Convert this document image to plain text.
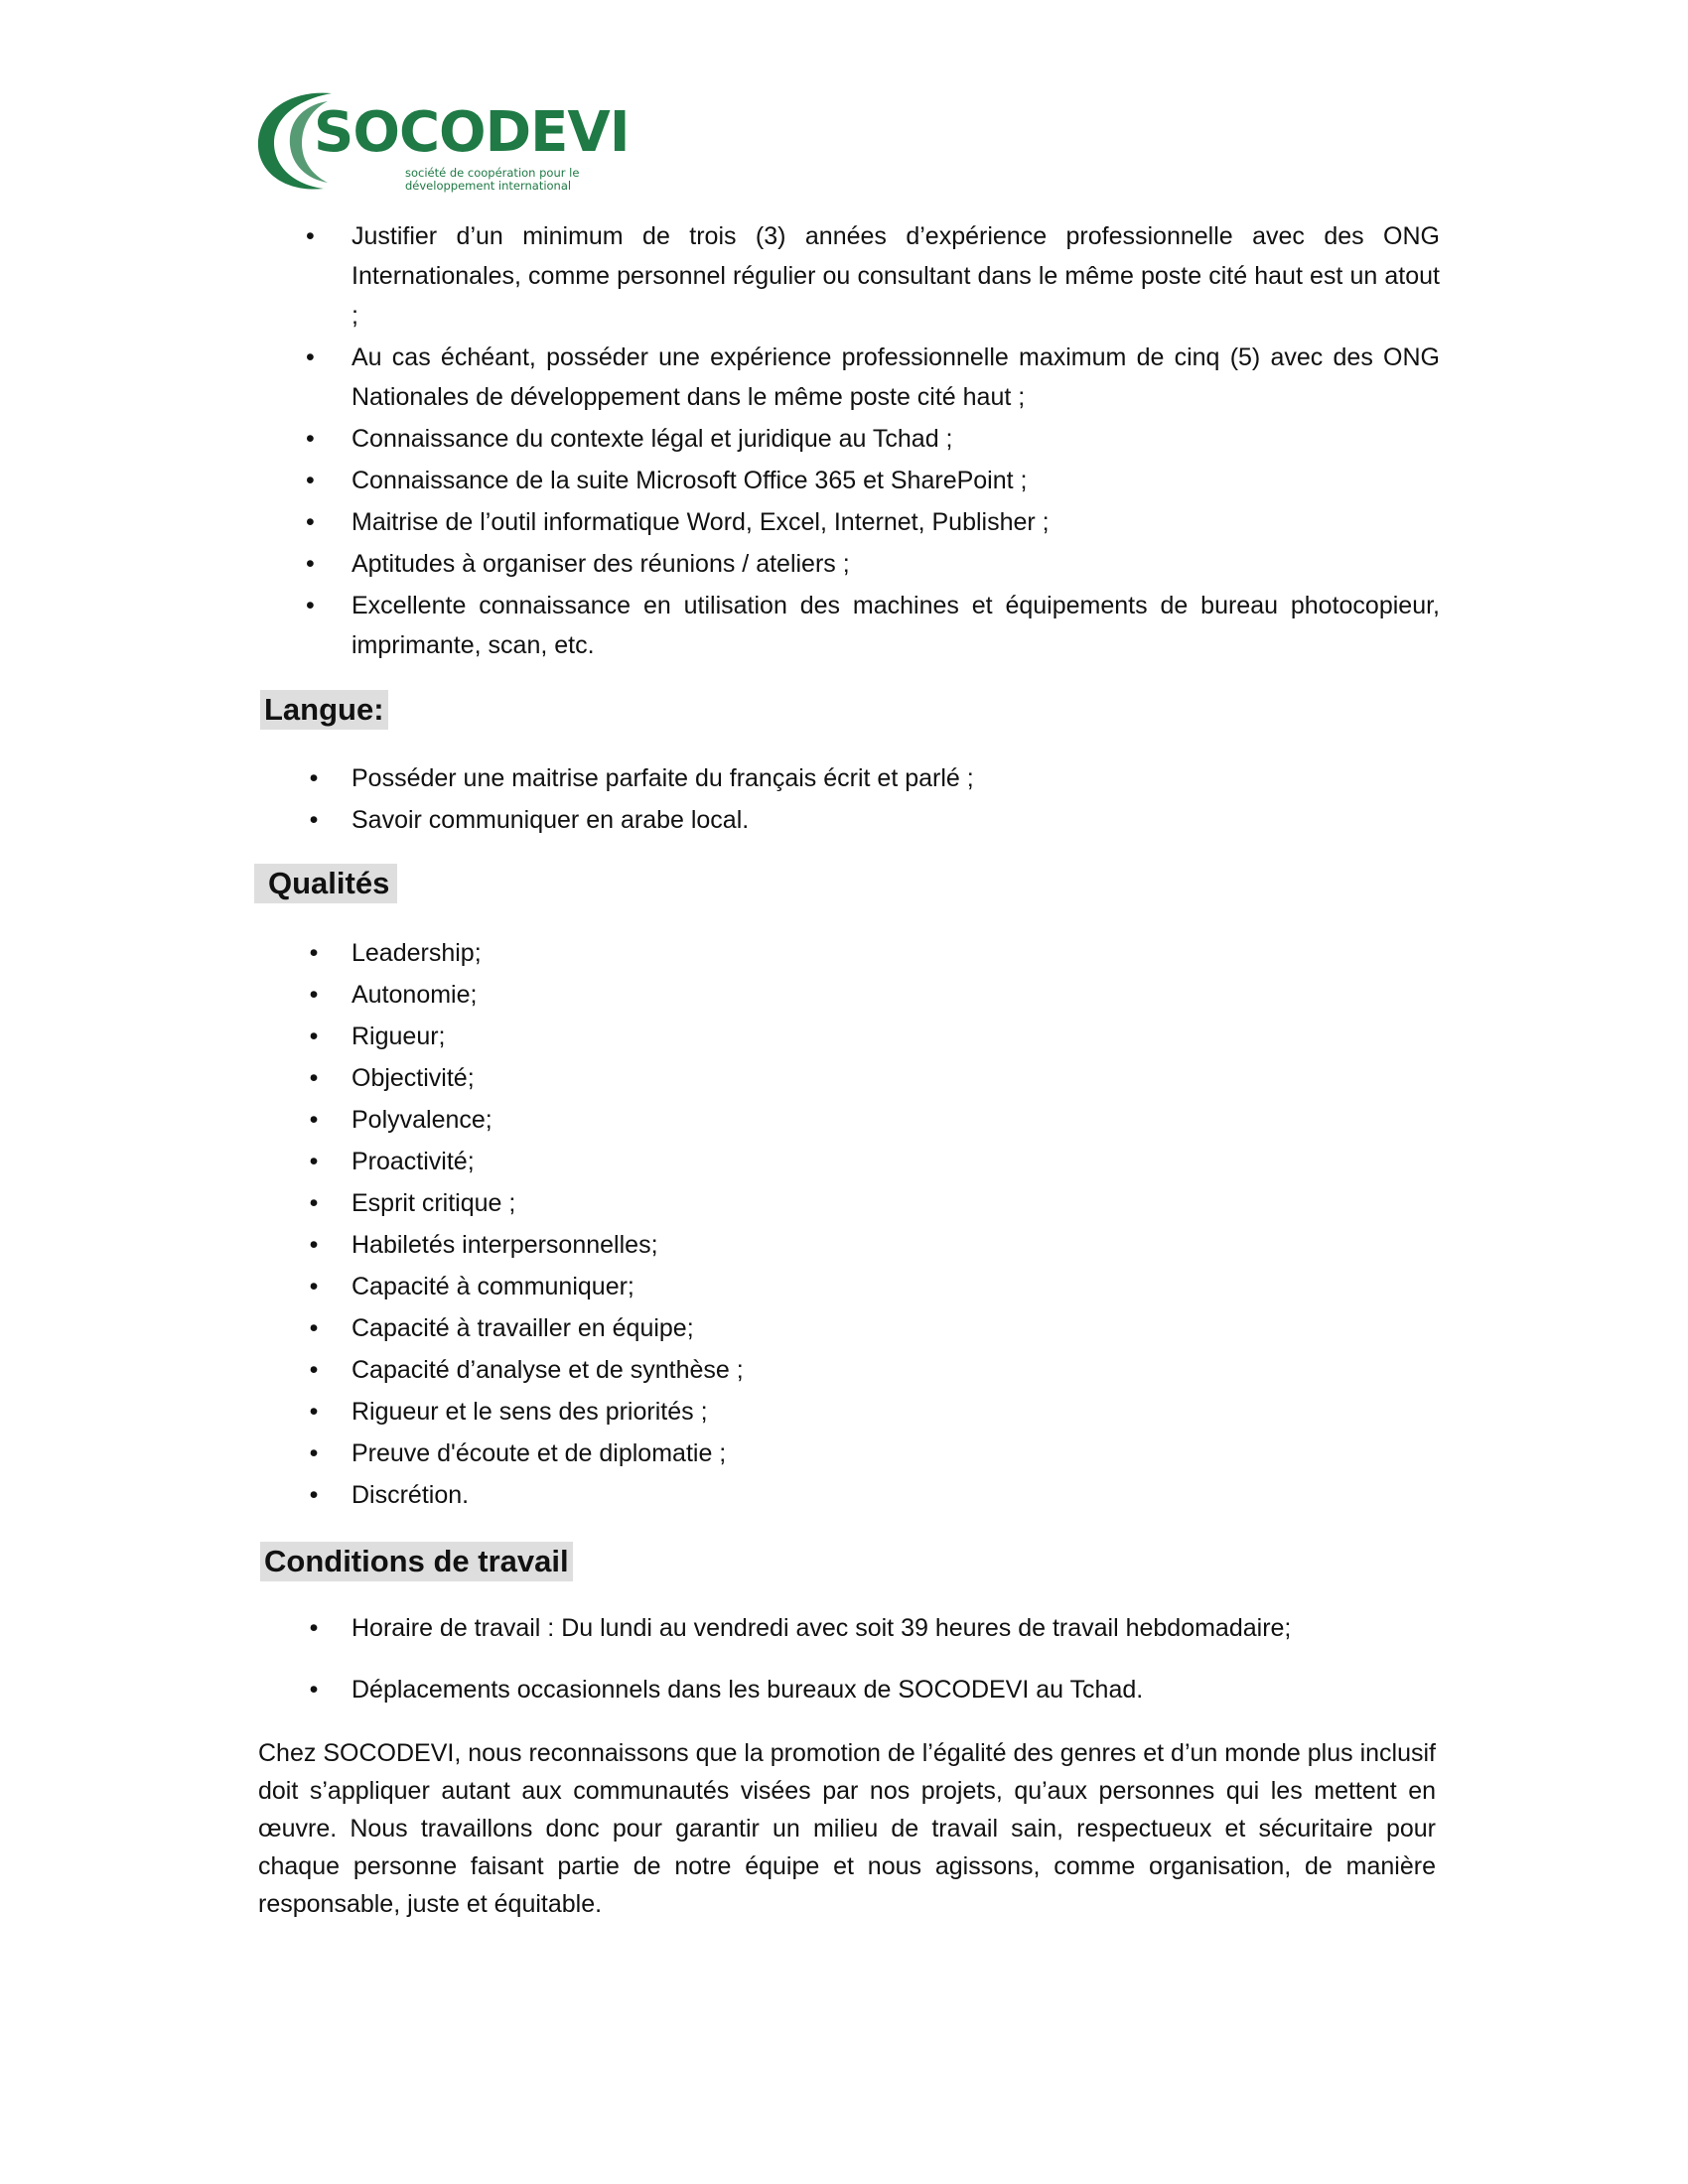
SOCODEVI
société de coopération pour le
développement international
• Justifier d’un minimum de trois (3) années d’expérience professionnelle avec des ONG Internationales, comme personnel régulier ou consultant dans le même poste cité haut est un atout ;
• Au cas échéant, posséder une expérience professionnelle maximum de cinq (5) avec des ONG Nationales de développement dans le même poste cité haut ;
• Connaissance du contexte légal et juridique au Tchad ;
• Connaissance de la suite Microsoft Office 365 et SharePoint ;
• Maitrise de l’outil informatique Word, Excel, Internet, Publisher ;
• Aptitudes à organiser des réunions / ateliers ;
• Excellente connaissance en utilisation des machines et équipements de bureau photocopieur, imprimante, scan, etc.
Langue:
• Posséder une maitrise parfaite du français écrit et parlé ;
• Savoir communiquer en arabe local.
Qualités
• Leadership;
• Autonomie;
• Rigueur;
• Objectivité;
• Polyvalence;
• Proactivité;
• Esprit critique ;
• Habiletés interpersonnelles;
• Capacité à communiquer;
• Capacité à travailler en équipe;
• Capacité d’analyse et de synthèse ;
• Rigueur et le sens des priorités ;
• Preuve d'écoute et de diplomatie ;
• Discrétion.
Conditions de travail
• Horaire de travail : Du lundi au vendredi avec soit 39 heures de travail hebdomadaire;
• Déplacements occasionnels dans les bureaux de SOCODEVI au Tchad.

Chez SOCODEVI, nous reconnaissons que la promotion de l’égalité des genres et d’un monde plus inclusif doit s’appliquer autant aux communautés visées par nos projets, qu’aux personnes qui les mettent en œuvre. Nous travaillons donc pour garantir un milieu de travail sain, respectueux et sécuritaire pour chaque personne faisant partie de notre équipe et nous agissons, comme organisation, de manière responsable, juste et équitable.
